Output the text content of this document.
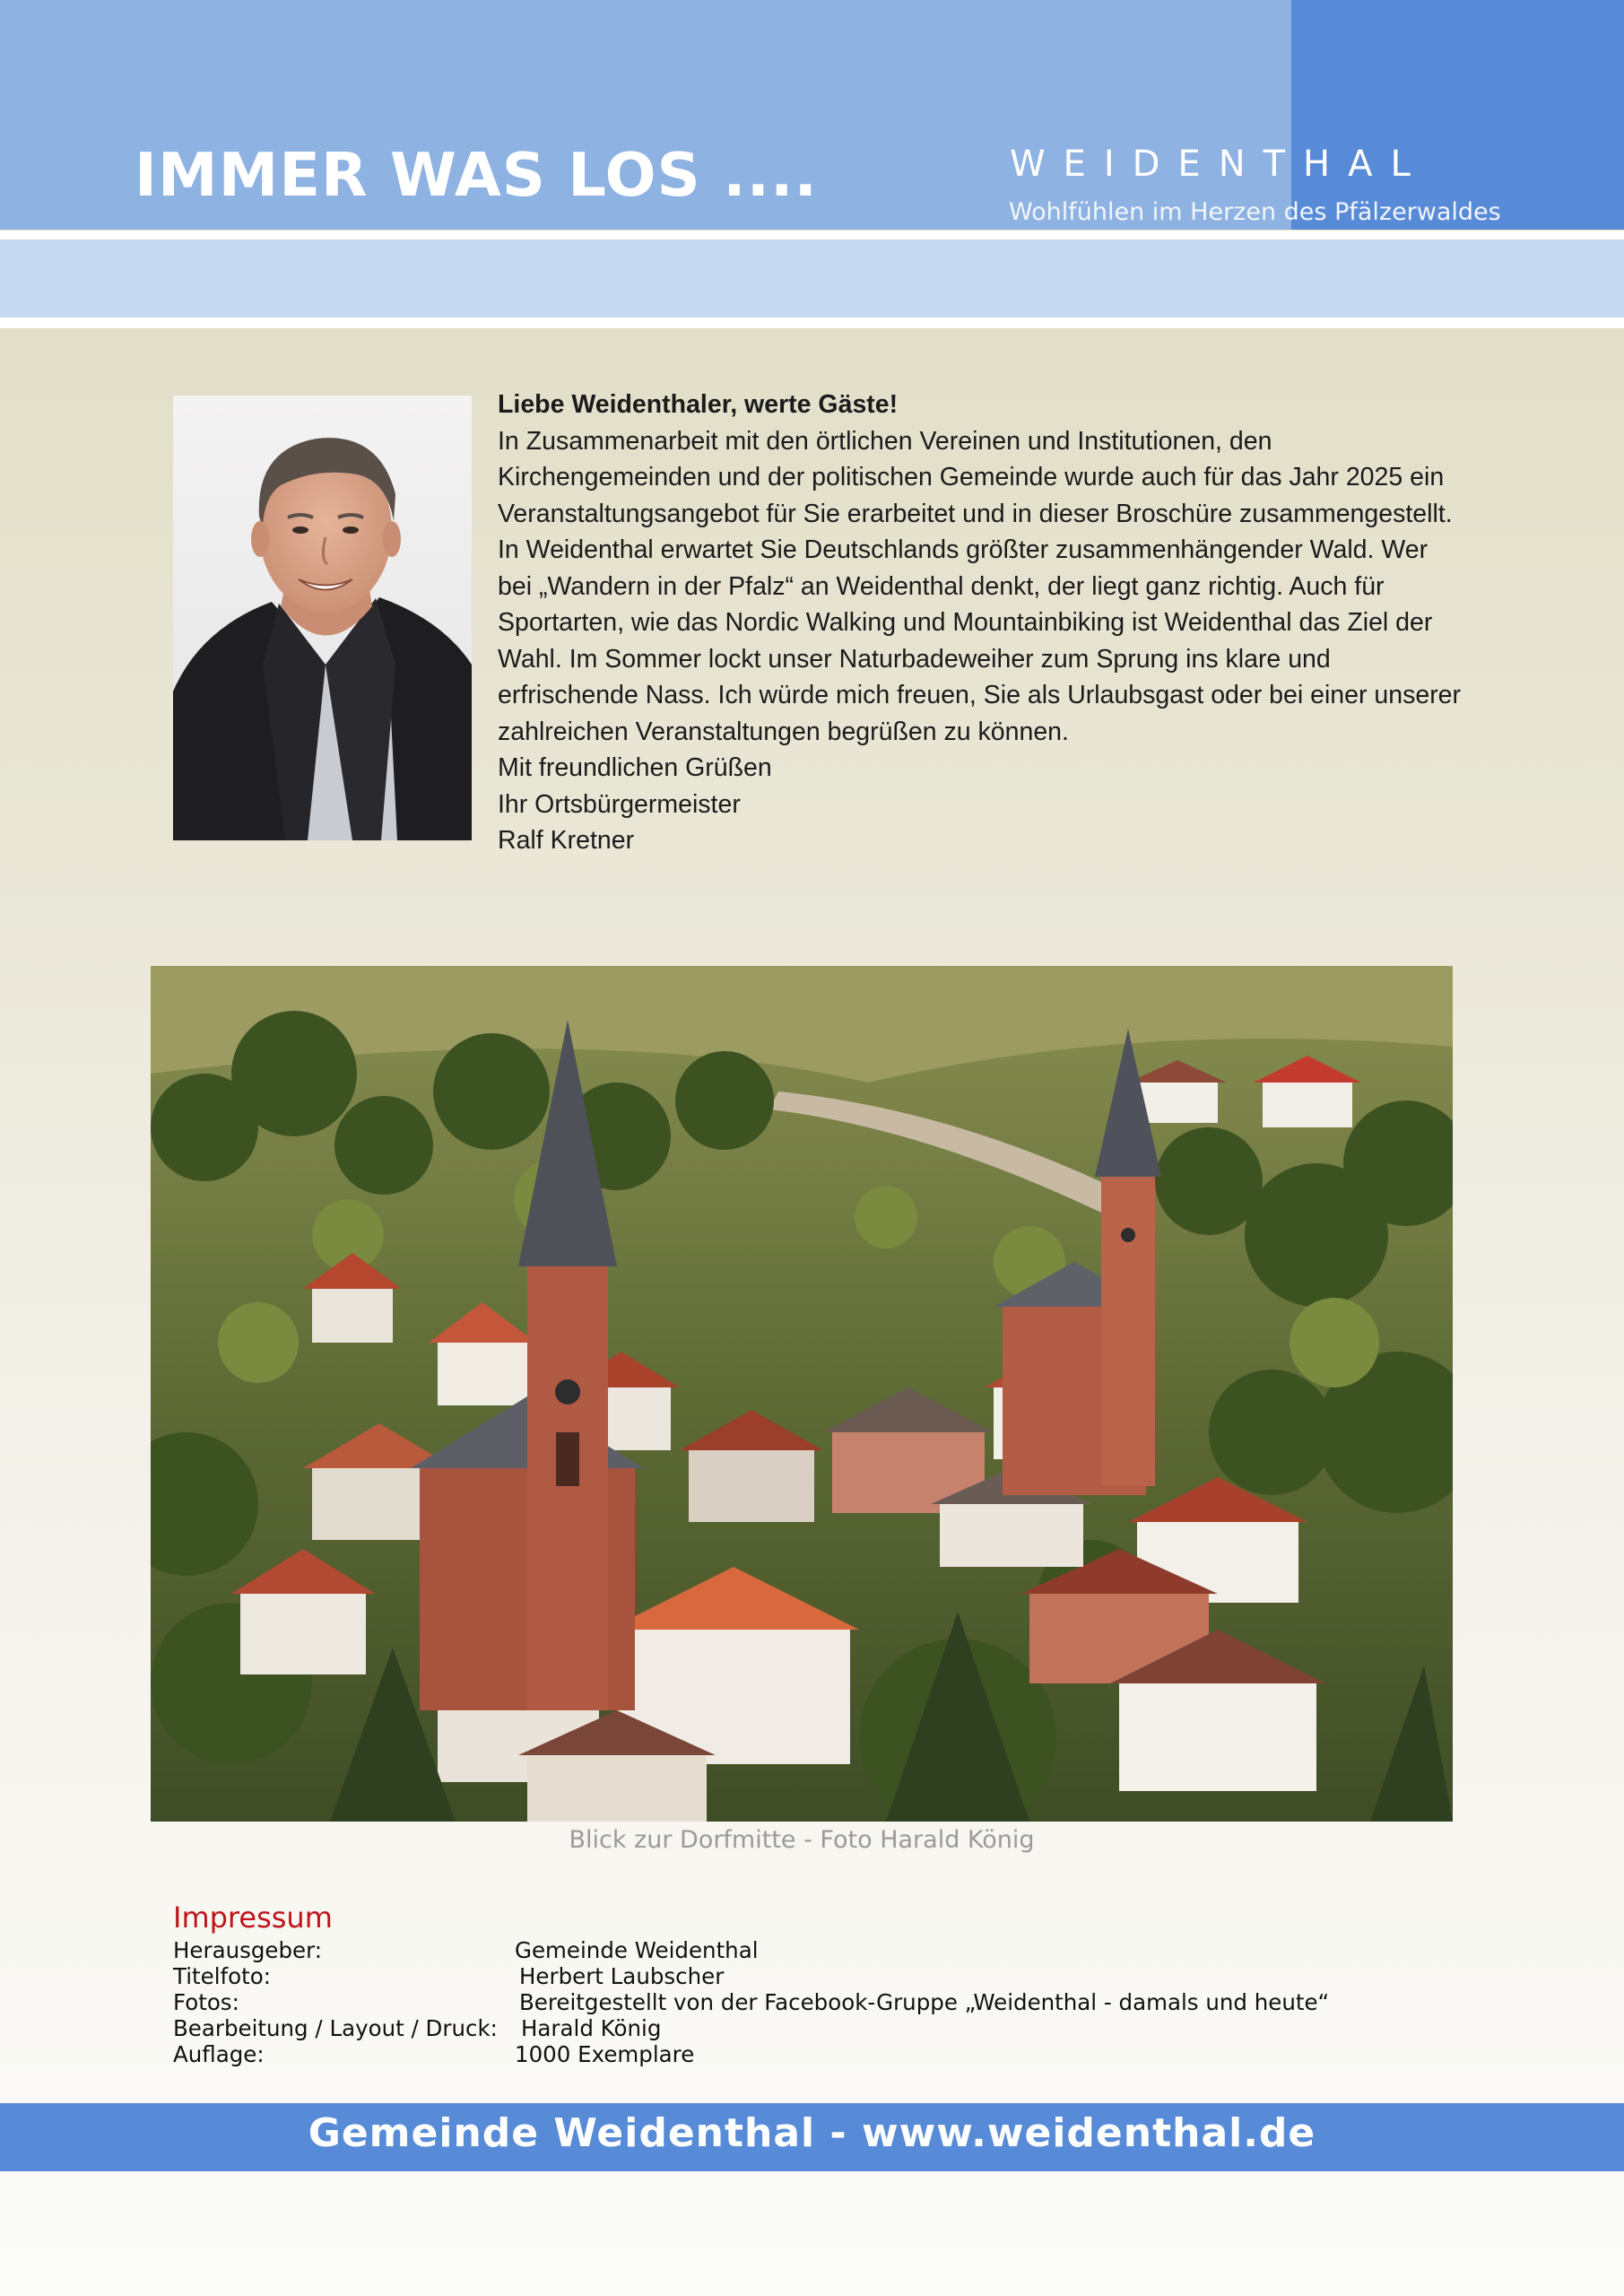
IMMER WAS LOS ....	WEIDENTHAL
Wohlfühlen im Herzen des Pfälzerwaldes

Liebe Weidenthaler, werte Gäste!

In Zusammenarbeit mit den örtlichen Vereinen und Institutionen, den Kirchengemeinden und der politischen Gemeinde wurde auch für das Jahr 2025 ein Veranstaltungsangebot für Sie erarbeitet und in dieser Broschüre zusammengestellt.

In Weidenthal erwartet Sie Deutschlands größter zusammenhängender Wald. Wer bei „Wandern in der Pfalz“ an Weidenthal denkt, der liegt ganz richtig. Auch für Sportarten, wie das Nordic Walking und Mountainbiking ist Weidenthal das Ziel der Wahl. Im Sommer lockt unser Naturbadeweiher zum Sprung ins klare und erfrischende Nass. Ich würde mich freuen, Sie als Urlaubsgast oder bei einer unserer zahlreichen Veranstaltungen begrüßen zu können.

Mit freundlichen Grüßen

Ihr Ortsbürgermeister

Ralf Kretner

Blick zur Dorfmitte - Foto Harald König
Impressum
Herausgeber:	Gemeinde Weidenthal
Titelfoto:	Herbert Laubscher
Fotos:	Bereitgestellt von der Facebook-Gruppe „Weidenthal - damals und heute“
Bearbeitung / Layout / Druck: Harald König
Auflage:	1000 Exemplare
Gemeinde Weidenthal - www.weidenthal.de
